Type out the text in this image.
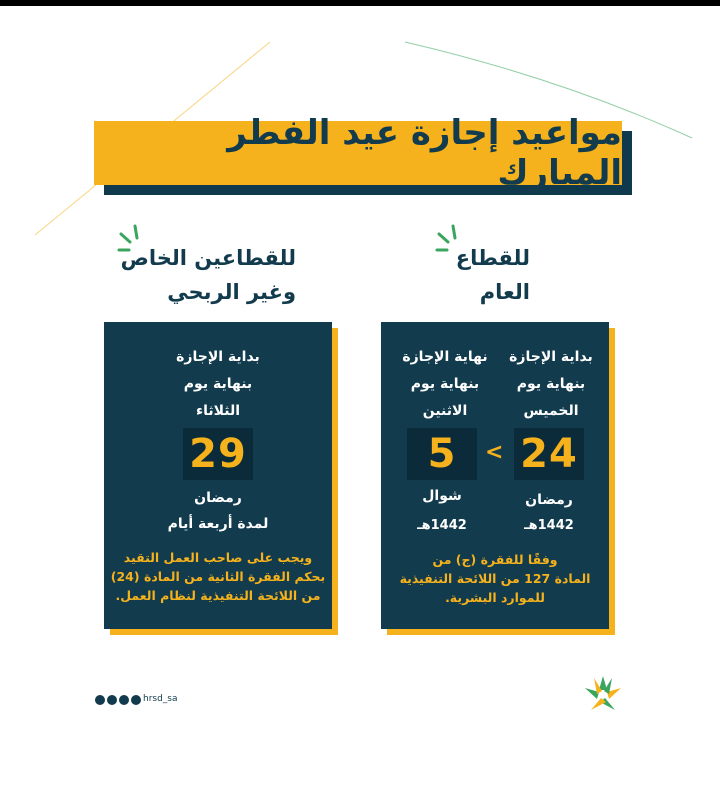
مواعيد إجازة عيد الفطر المبارك
للقطاع
العام
للقطاعين الخاص
وغير الربحي
بداية الإجازة
بنهاية يوم
الخميس
نهاية الإجازة
بنهاية يوم
الاثنين
24
<
5
رمضان
شوال
1442هـ
1442هـ
وفقًا للفقرة (ج) من
المادة 127 من اللائحة التنفيذية
للموارد البشرية.
بداية الإجازة
بنهاية يوم
الثلاثاء
29
رمضان
لمدة أربعة أيام
ويجب على صاحب العمل التقيد
بحكم الفقرة الثانية من المادة (24)
من اللائحة التنفيذية لنظام العمل.
hrsd_sa
